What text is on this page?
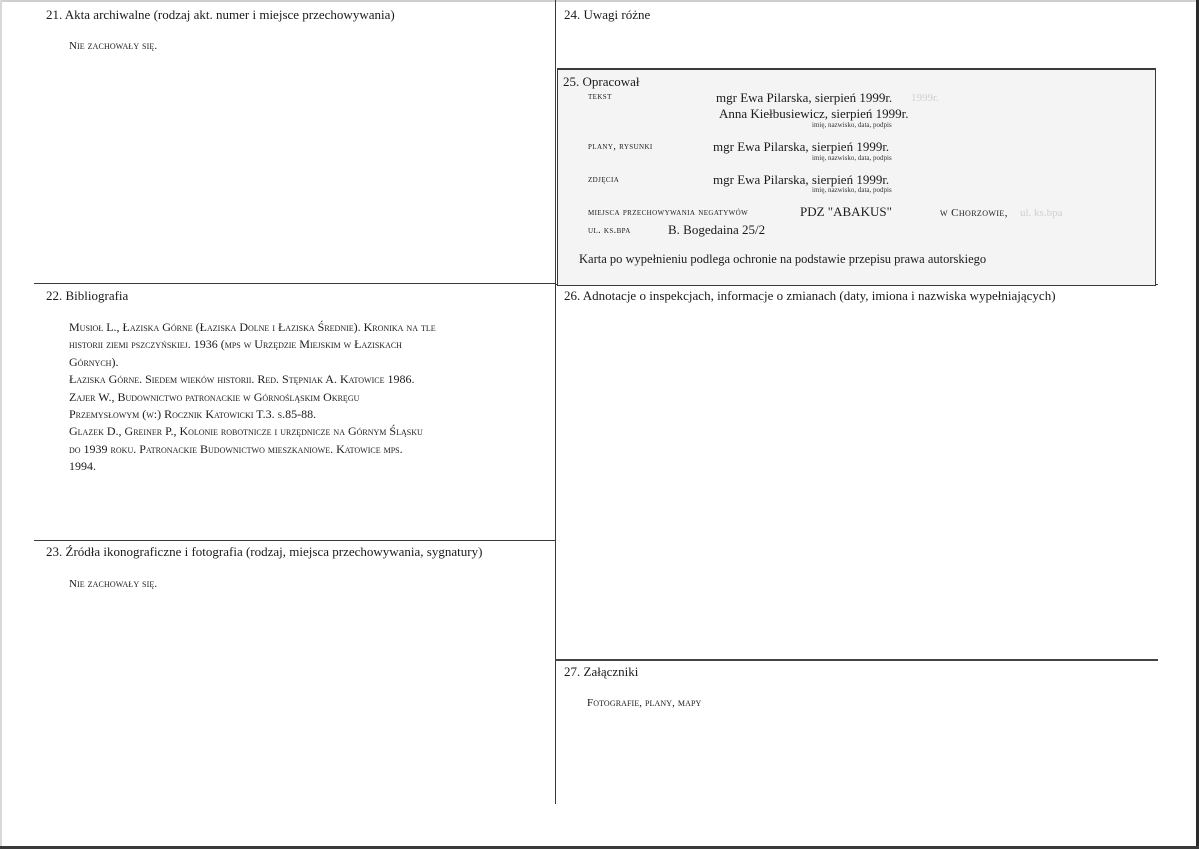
21. Akta archiwalne (rodzaj akt. numer i miejsce przechowywania)
Nie zachowały się.
22. Bibliografia
Musioł L., Łaziska Górne (Łaziska Dolne i Łaziska Średnie). Kronika na tle
historii ziemi pszczyńskiej. 1936 (mps w Urzędzie Miejskim w Łaziskach
Górnych).
Łaziska Górne. Siedem wieków historii. Red. Stępniak A. Katowice 1986.
Zajer W., Budownictwo patronackie w Górnośląskim Okręgu
Przemysłowym (w:) Rocznik Katowicki T.3. s.85-88.
Glazek D., Greiner P., Kolonie robotnicze i urzędnicze na Górnym Śląsku
do 1939 roku. Patronackie Budownictwo mieszkaniowe. Katowice mps.
1994.
23. Źródła ikonograficzne i fotografia (rodzaj, miejsca przechowywania, sygnatury)
Nie zachowały się.
24. Uwagi różne
25. Opracował
tekst	mgr Ewa Pilarska, sierpień 1999r. 1999r.
Anna Kiełbusiewicz, sierpień 1999r.
imię, nazwisko, data, podpis
plany, rysunki	mgr Ewa Pilarska, sierpień 1999r.
imię, nazwisko, data, podpis
zdjęcia	mgr Ewa Pilarska, sierpień 1999r.
imię, nazwisko, data, podpis
miejsca przechowywania negatywów	PDZ "ABAKUS"	w Chorzowie, ul. ks.bpa
ul. ks.bpa	B. Bogedaina 25/2
Karta po wypełnieniu podlega ochronie na podstawie przepisu prawa autorskiego
26. Adnotacje o inspekcjach, informacje o zmianach (daty, imiona i nazwiska wypełniających)
27. Załączniki
Fotografie, plany, mapy
